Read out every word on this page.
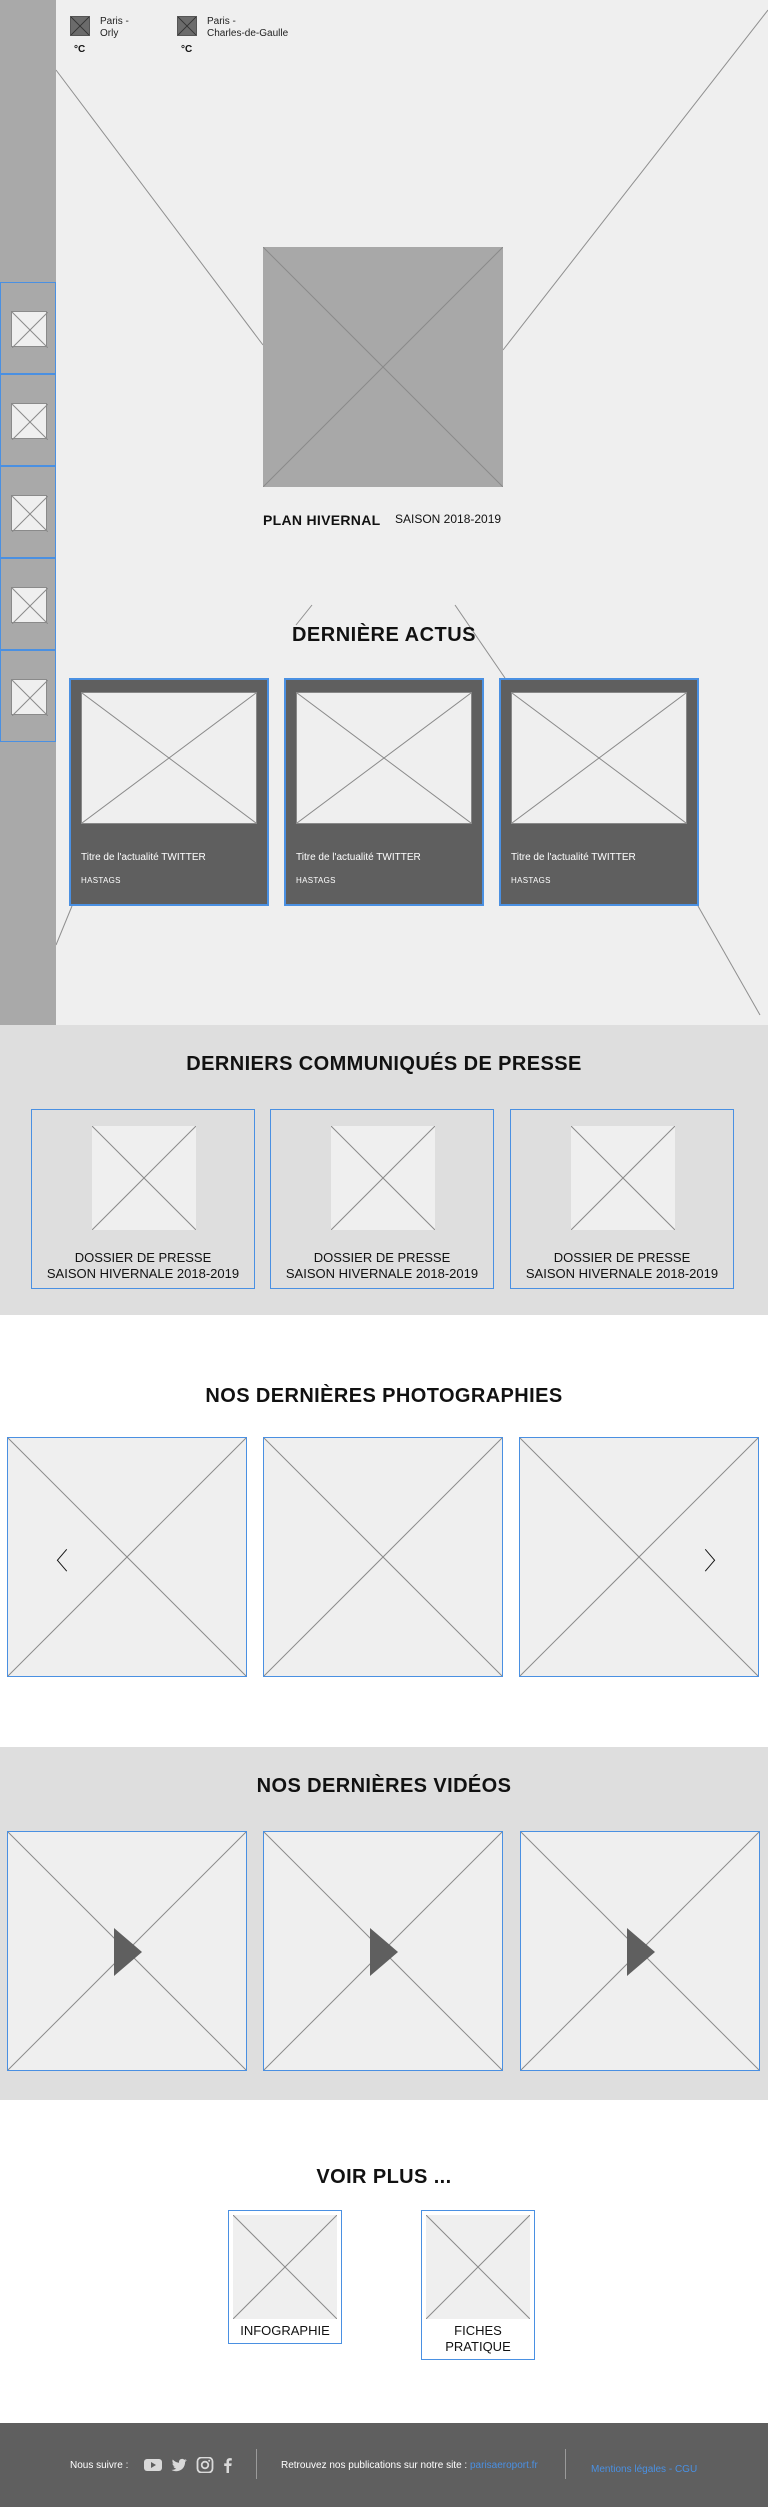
Paris -
Orly
°C
Paris -
Charles-de-Gaulle
°C
PLAN HIVERNAL SAISON 2018-2019
DERNIÈRE ACTUS
Titre de l'actualité TWITTER
HASTAGS
Titre de l'actualité TWITTER
HASTAGS
Titre de l'actualité TWITTER
HASTAGS
DERNIERS COMMUNIQUÉS DE PRESSE
DOSSIER DE PRESSE
SAISON HIVERNALE 2018-2019
DOSSIER DE PRESSE
SAISON HIVERNALE 2018-2019
DOSSIER DE PRESSE
SAISON HIVERNALE 2018-2019
NOS DERNIÈRES PHOTOGRAPHIES
〈	〉
NOS DERNIÈRES VIDÉOS
VOIR PLUS ...
INFOGRAPHIE	FICHES
PRATIQUE
Nous suivre :	Retrouvez nos publications sur notre site : parisaeroport.fr	Mentions légales - CGU
